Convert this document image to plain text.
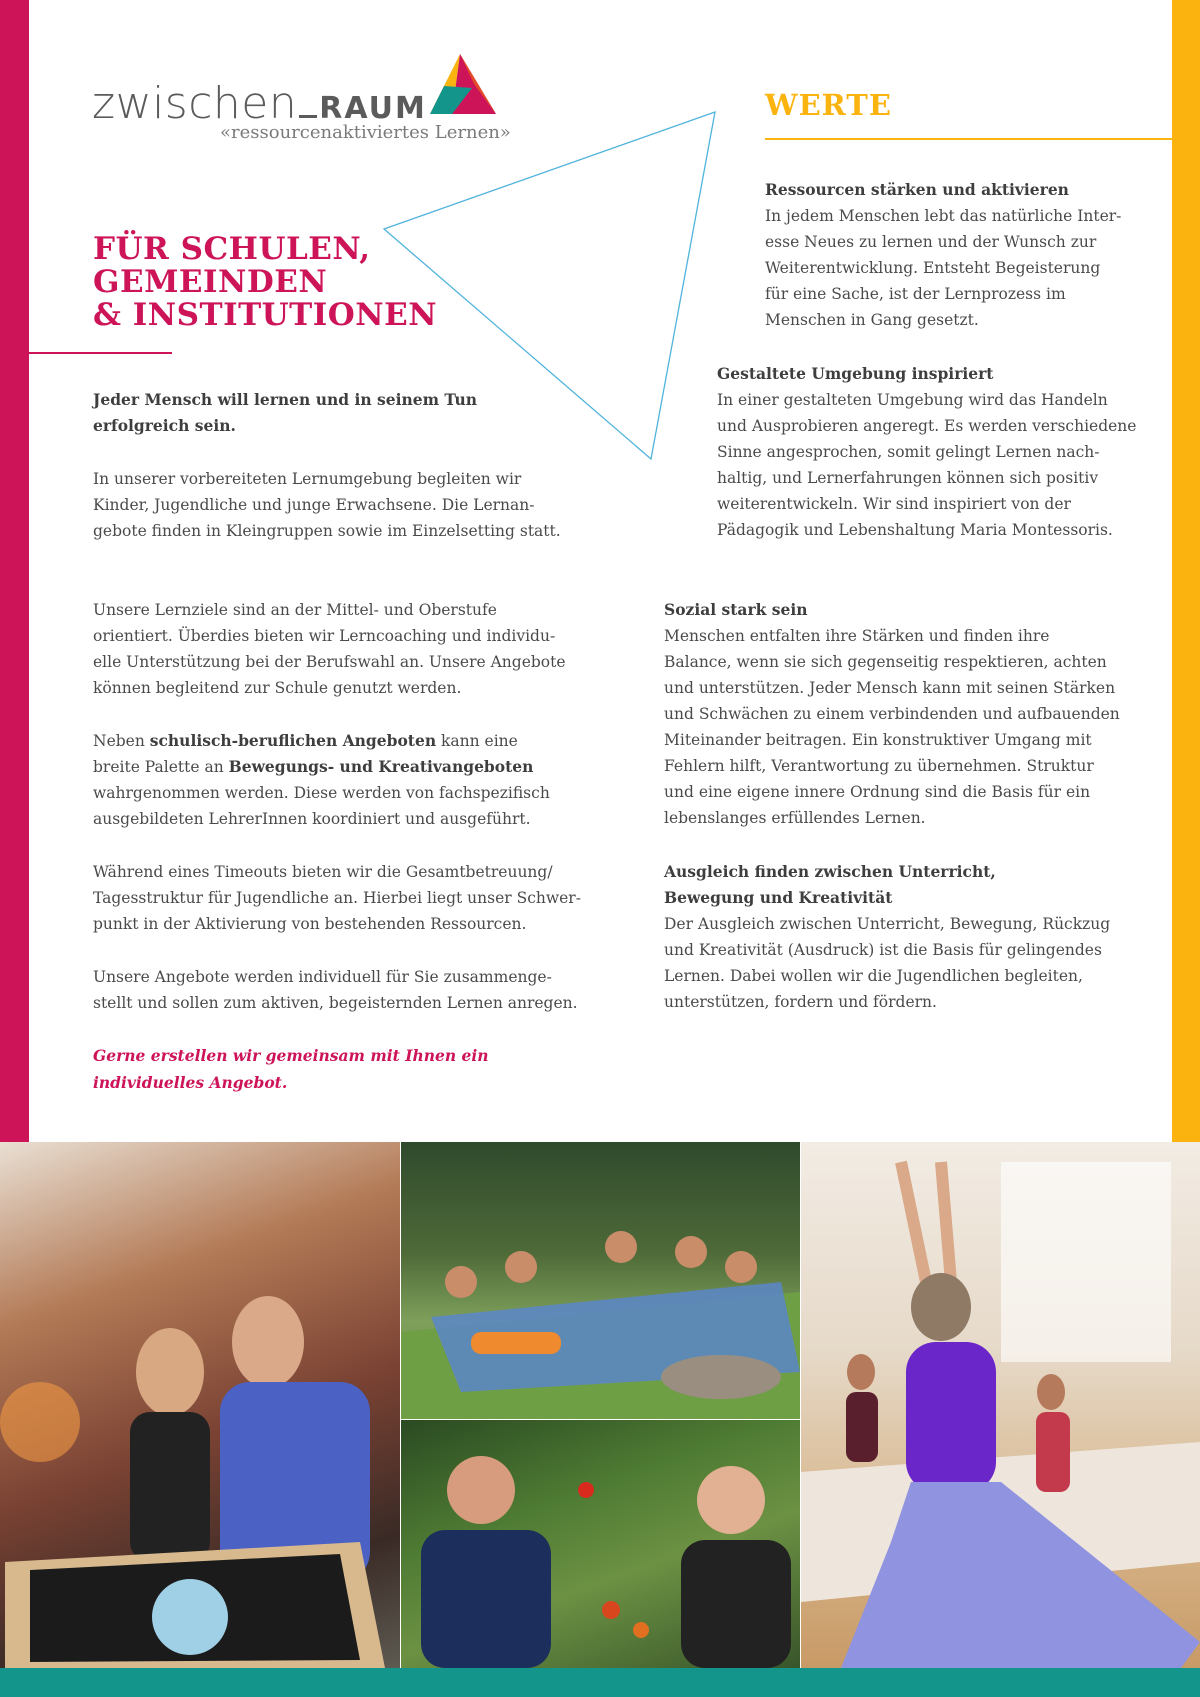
zwischen RAUM
«ressourcenaktiviertes Lernen»
FÜR SCHULEN,
GEMEINDEN
& INSTITUTIONEN

Jeder Mensch will lernen und in seinem Tun
erfolgreich sein.

In unserer vorbereiteten Lernumgebung begleiten wir
Kinder, Jugendliche und junge Erwachsene. Die Lernan-
gebote finden in Kleingruppen sowie im Einzelsetting statt.

Unsere Lernziele sind an der Mittel- und Oberstufe
orientiert. Überdies bieten wir Lerncoaching und individu-
elle Unterstützung bei der Berufswahl an. Unsere Angebote
können begleitend zur Schule genutzt werden.

Neben schulisch-beruflichen Angeboten kann eine
breite Palette an Bewegungs- und Kreativangeboten
wahrgenommen werden. Diese werden von fachspezifisch
ausgebildeten LehrerInnen koordiniert und ausgeführt.

Während eines Timeouts bieten wir die Gesamtbetreuung/
Tagesstruktur für Jugendliche an. Hierbei liegt unser Schwer-
punkt in der Aktivierung von bestehenden Ressourcen.

Unsere Angebote werden individuell für Sie zusammenge-
stellt und sollen zum aktiven, begeisternden Lernen anregen.

Gerne erstellen wir gemeinsam mit Ihnen ein
individuelles Angebot.

WERTE

Ressourcen stärken und aktivieren
In jedem Menschen lebt das natürliche Inter-
esse Neues zu lernen und der Wunsch zur
Weiterentwicklung. Entsteht Begeisterung
für eine Sache, ist der Lernprozess im
Menschen in Gang gesetzt.

Gestaltete Umgebung inspiriert
In einer gestalteten Umgebung wird das Handeln
und Ausprobieren angeregt. Es werden verschiedene
Sinne angesprochen, somit gelingt Lernen nach-
haltig, und Lernerfahrungen können sich positiv
weiterentwickeln. Wir sind inspiriert von der
Pädagogik und Lebenshaltung Maria Montessoris.

Sozial stark sein
Menschen entfalten ihre Stärken und finden ihre
Balance, wenn sie sich gegenseitig respektieren, achten
und unterstützen. Jeder Mensch kann mit seinen Stärken
und Schwächen zu einem verbindenden und aufbauenden
Miteinander beitragen. Ein konstruktiver Umgang mit
Fehlern hilft, Verantwortung zu übernehmen. Struktur
und eine eigene innere Ordnung sind die Basis für ein
lebenslanges erfüllendes Lernen.

Ausgleich finden zwischen Unterricht,
Bewegung und Kreativität
Der Ausgleich zwischen Unterricht, Bewegung, Rückzug
und Kreativität (Ausdruck) ist die Basis für gelingendes
Lernen. Dabei wollen wir die Jugendlichen begleiten,
unterstützen, fordern und fördern.
